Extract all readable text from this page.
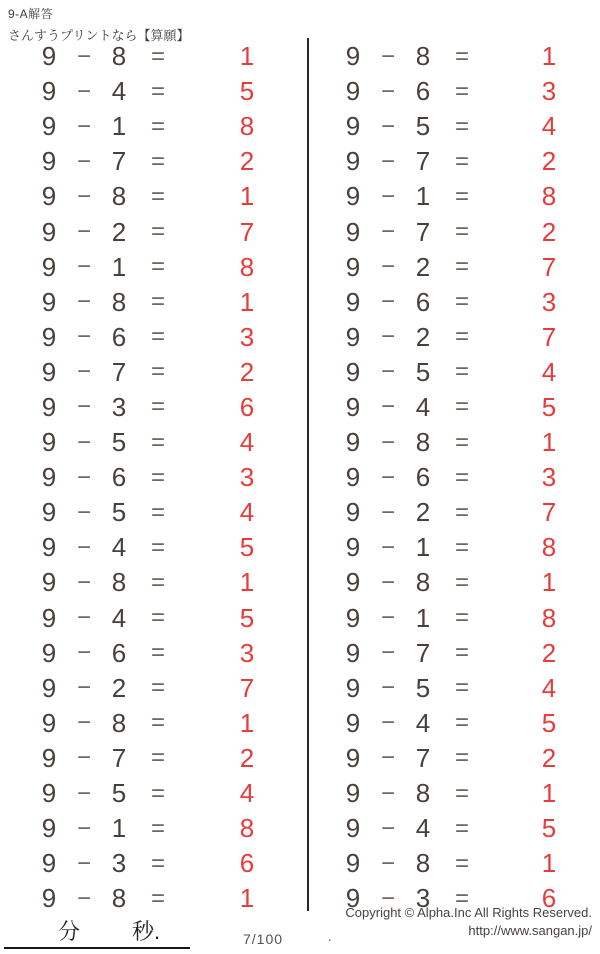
9-A解答
さんすうプリントなら【算願】
9 − 8	=	1
9 − 4	=	5
9 − 1	=	8
9 − 7	=	2
9 − 8	=	1
9 − 2	=	7
9 − 1	=	8
9 − 8	=	1
9 − 6	=	3
9 − 7	=	2
9 − 3	=	6
9 − 5	=	4
9 − 6	=	3
9 − 5	=	4
9 − 4	=	5
9 − 8	=	1
9 − 4	=	5
9 − 6	=	3
9 − 2	=	7
9 − 8	=	1
9 − 7	=	2
9 − 5	=	4
9 − 1	=	8
9 − 3	=	6
9 − 8	=	1
9 − 8	=	1
9 − 6	=	3
9 − 5	=	4
9 − 7	=	2
9 − 1	=	8
9 − 7	=	2
9 − 2	=	7
9 − 6	=	3
9 − 2	=	7
9 − 5	=	4
9 − 4	=	5
9 − 8	=	1
9 − 6	=	3
9 − 2	=	7
9 − 1	=	8
9 − 8	=	1
9 − 1	=	8
9 − 7	=	2
9 − 5	=	4
9 − 4	=	5
9 − 7	=	2
9 − 8	=	1
9 − 4	=	5
9 − 8	=	1
9 − 3	=	6
分 秒.	7/100	.
Copyright © Alpha.Inc All Rights Reserved.
http://www.sangan.jp/
